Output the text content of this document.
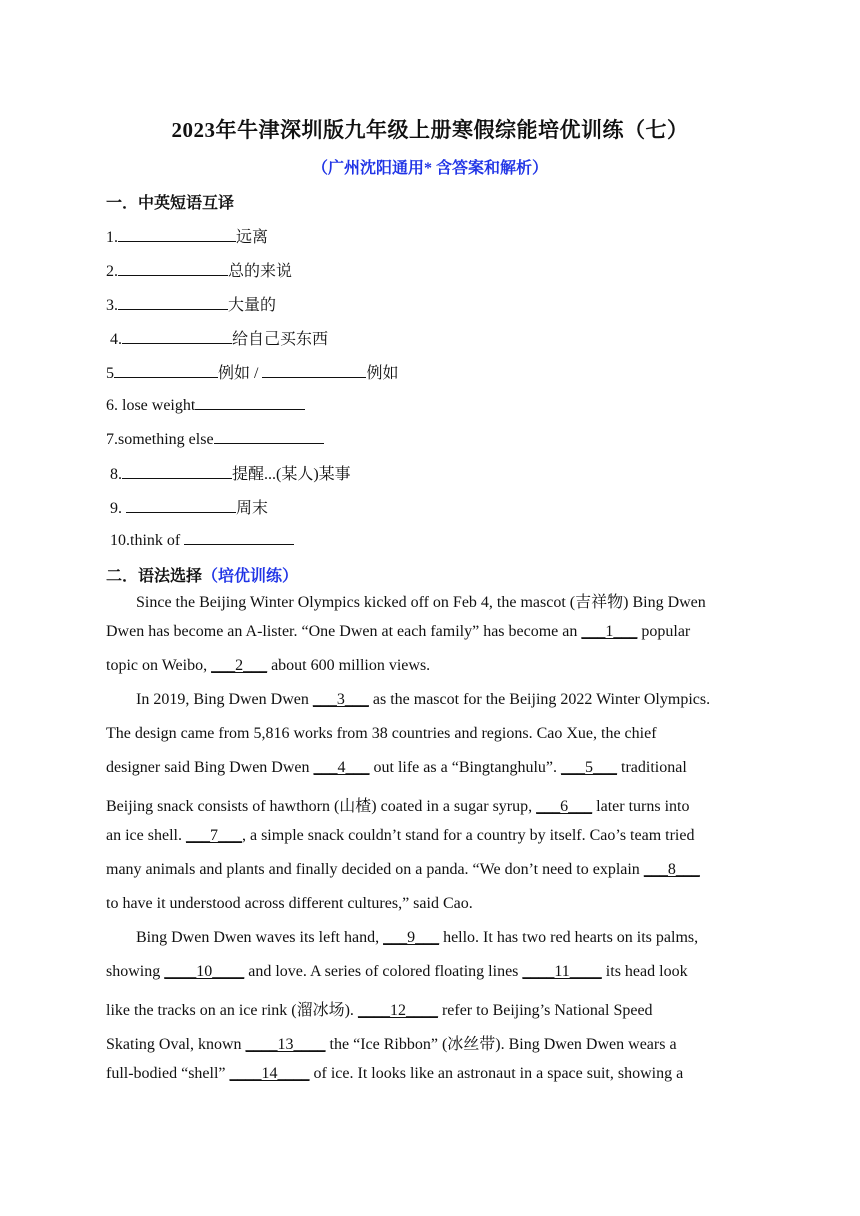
2023年牛津深圳版九年级上册寒假综能培优训练（七）
（广州沈阳通用* 含答案和解析）
一．中英短语互译
1.	远离
2.	总的来说
3.	大量的
4.	给自己买东西
5	例如 /	例如
6. lose weight
7.something else
8.	提醒...(某人)某事
9.	周末
10.think of
二．语法选择（培优训练）
Since the Beijing Winter Olympics kicked off on Feb 4, the mascot (吉祥物) Bing Dwen
Dwen has become an A-lister. “One Dwen at each family” has become an ___1___ popular
topic on Weibo, ___2___ about 600 million views.
In 2019, Bing Dwen Dwen ___3___ as the mascot for the Beijing 2022 Winter Olympics.
The design came from 5,816 works from 38 countries and regions. Cao Xue, the chief
designer said Bing Dwen Dwen ___4___ out life as a “Bingtanghulu”. ___5___ traditional
Beijing snack consists of hawthorn (山楂) coated in a sugar syrup, ___6___ later turns into
an ice shell. ___7___, a simple snack couldn’t stand for a country by itself. Cao’s team tried
many animals and plants and finally decided on a panda. “We don’t need to explain ___8___
to have it understood across different cultures,” said Cao.
Bing Dwen Dwen waves its left hand, ___9___ hello. It has two red hearts on its palms,
showing ____10____ and love. A series of colored floating lines ____11____ its head look
like the tracks on an ice rink (溜冰场). ____12____ refer to Beijing’s National Speed
Skating Oval, known ____13____ the “Ice Ribbon” (冰丝带). Bing Dwen Dwen wears a
full-bodied “shell” ____14____ of ice. It looks like an astronaut in a space suit, showing a
